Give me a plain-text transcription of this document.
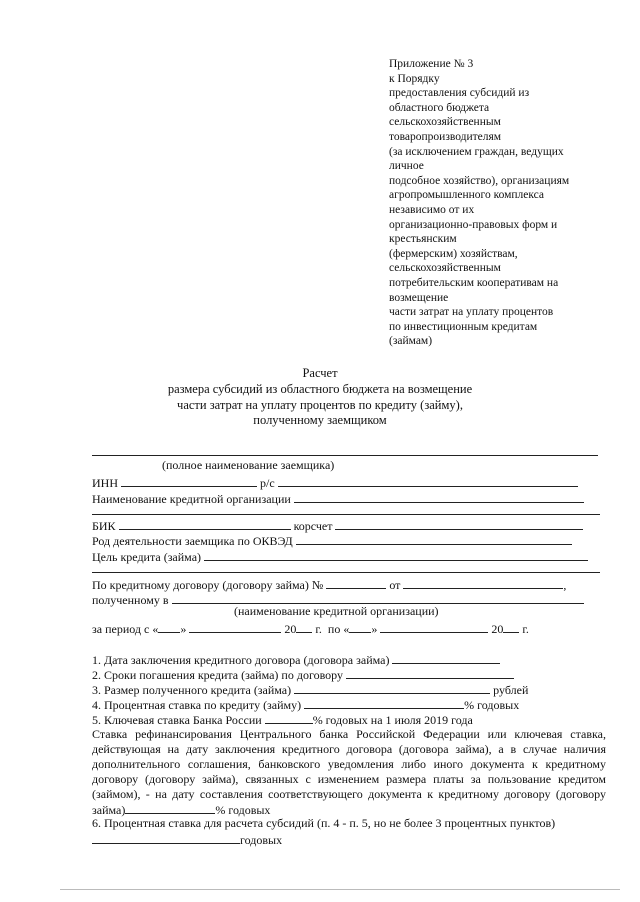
Приложение № 3
к Порядку
предоставления субсидий из
областного бюджета
сельскохозяйственным
товаропроизводителям
(за исключением граждан, ведущих
личное
подсобное хозяйство), организациям
агропромышленного комплекса
независимо от их
организационно-правовых форм и
крестьянским
(фермерским) хозяйствам,
сельскохозяйственным
потребительским кооперативам на
возмещение
части затрат на уплату процентов
по инвестиционным кредитам
(займам)
Расчет
размера субсидий из областного бюджета на возмещение
части затрат на уплату процентов по кредиту (займу),
полученному заемщиком
(полное наименование заемщика)
ИНН	р/с
Наименование кредитной организации
БИК	корсчет
Род деятельности заемщика по ОКВЭД
Цель кредита (займа)
По кредитному договору (договору займа) №	от	,
полученному в
(наименование кредитной организации)
за период с « »	20 г. по « »	20 г.
1. Дата заключения кредитного договора (договора займа)
2. Сроки погашения кредита (займа) по договору
3. Размер полученного кредита (займа)	рублей
4. Процентная ставка по кредиту (займу)	% годовых
5. Ключевая ставка Банка России	% годовых на 1 июля 2019 года
Ставка рефинансирования Центрального банка Российской Федерации или ключевая ставка, действующая на дату заключения кредитного договора (договора займа), а в случае наличия дополнительного соглашения, банковского уведомления либо иного документа к кредитному договору (договору займа), связанных с изменением размера платы за пользование кредитом (займом), - на дату составления соответствующего документа к кредитному договору (договору займа)	% годовых
6. Процентная ставка для расчета субсидий (п. 4 - п. 5, но не более 3 процентных пунктов)
годовых
